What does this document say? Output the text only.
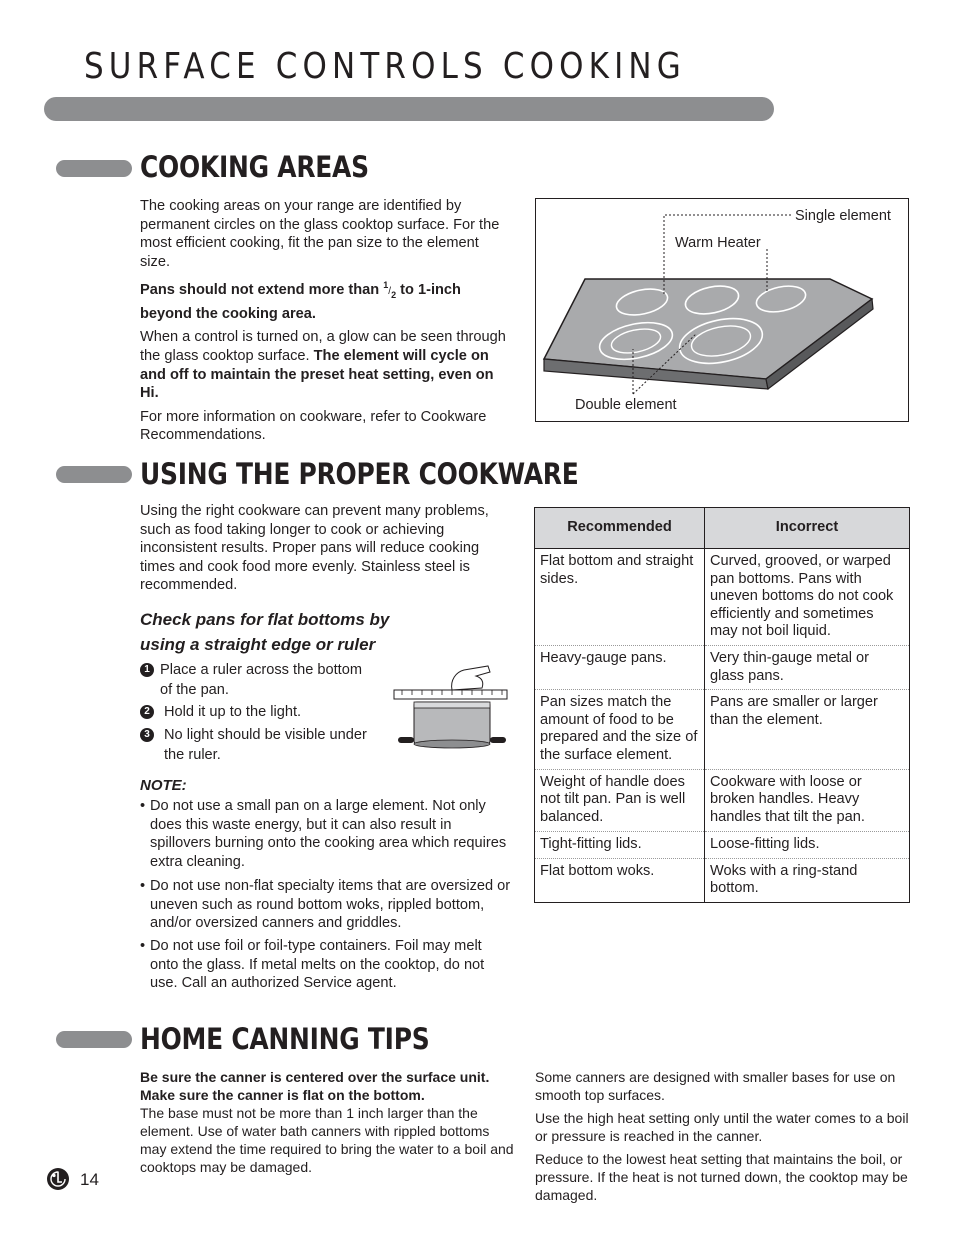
SURFACE CONTROLS COOKING
COOKING AREAS

The cooking areas on your range are identified by permanent circles on the glass cooktop surface. For the most efficient cooking, fit the pan size to the element size.

Pans should not extend more than $^1/_2$ to 1-inch beyond the cooking area.

When a control is turned on, a glow can be seen through the glass cooktop surface. The element will cycle on and off to maintain the preset heat setting, even on Hi.

For more information on cookware, refer to Cookware Recommendations.

Single element
Warm Heater
Double element
USING THE PROPER COOKWARE
Using the right cookware can prevent many problems, such as food taking longer to cook or achieving inconsistent results. Proper pans will reduce cooking times and cook food more evenly. Stainless steel is recommended.
Check pans for flat bottoms by
using a straight edge or ruler
1 Place a ruler across the bottom
of the pan.
2 Hold it up to the light.
3 No light should be visible under
the ruler.
NOTE:
• Do not use a small pan on a large element. Not only does this waste energy, but it can also result in spillovers burning onto the cooking area which requires extra cleaning.
• Do not use non-flat specialty items that are oversized or uneven such as round bottom woks, rippled bottom, and/or oversized canners and griddles.
• Do not use foil or foil-type containers. Foil may melt onto the glass. If metal melts on the cooktop, do not use. Call an authorized Service agent.
Recommended	Incorrect
Flat bottom and straight sides.	Curved, grooved, or warped pan bottoms. Pans with uneven bottoms do not cook efficiently and sometimes may not boil liquid.
Heavy-gauge pans.	Very thin-gauge metal or glass pans.
Pan sizes match the amount of food to be prepared and the size of the surface element.	Pans are smaller or larger than the element.
Weight of handle does not tilt pan. Pan is well balanced.	Cookware with loose or broken handles. Heavy handles that tilt the pan.
Tight-fitting lids.	Loose-fitting lids.
Flat bottom woks.	Woks with a ring-stand bottom.
HOME CANNING TIPS
Be sure the canner is centered over the surface unit. Make sure the canner is flat on the bottom.
The base must not be more than 1 inch larger than the element. Use of water bath canners with rippled bottoms may extend the time required to bring the water to a boil and cooktops may be damaged.
Some canners are designed with smaller bases for use on smooth top surfaces.
Use the high heat setting only until the water comes to a boil or pressure is reached in the canner.
Reduce to the lowest heat setting that maintains the boil, or pressure. If the heat is not turned down, the cooktop may be damaged.
14
